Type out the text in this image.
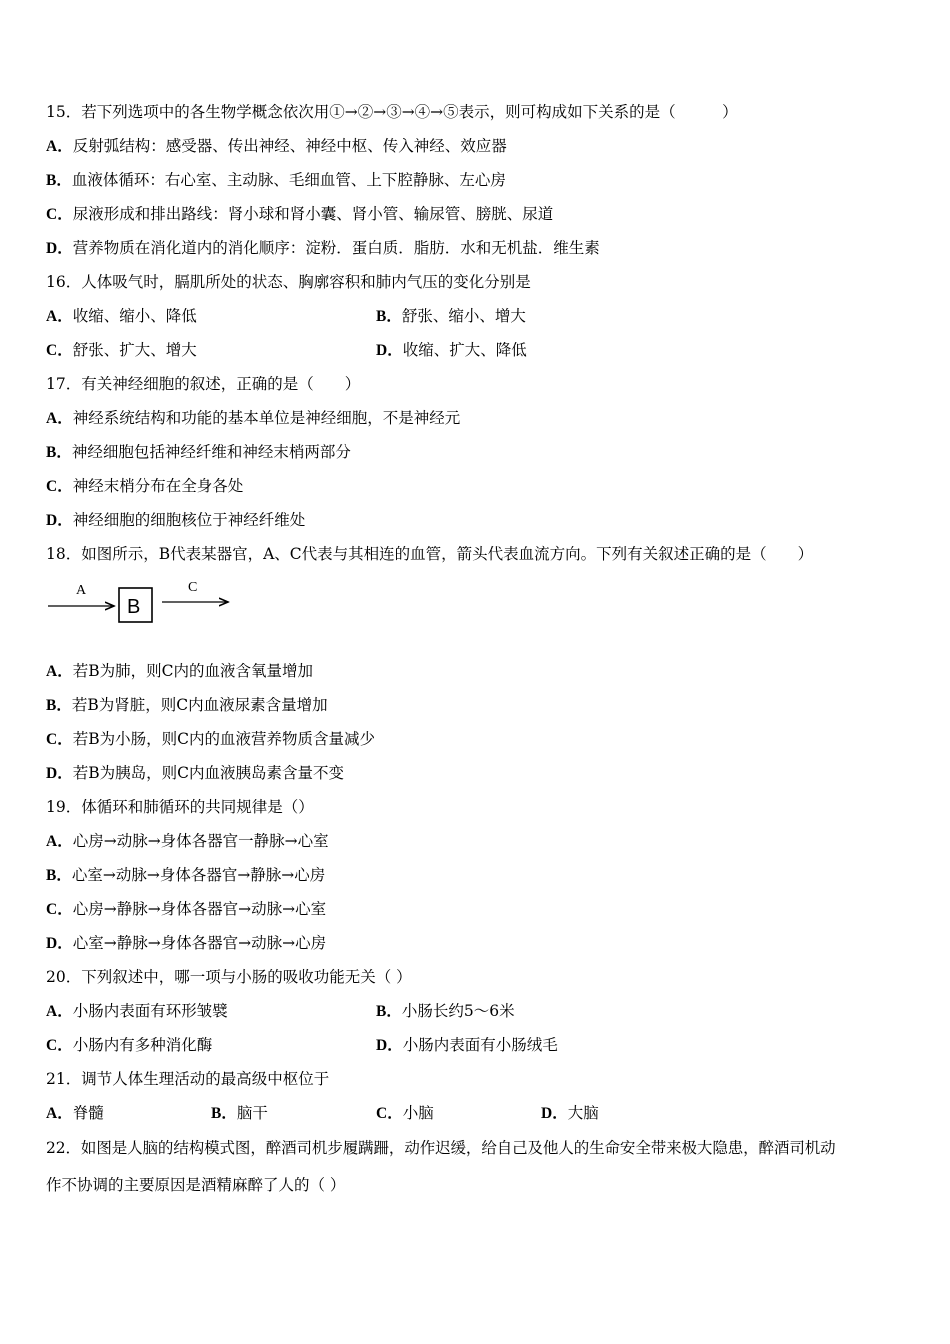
15．若下列选项中的各生物学概念依次用①→②→③→④→⑤表示，则可构成如下关系的是（　　　）
A．反射弧结构：感受器、传出神经、神经中枢、传入神经、效应器
B．血液体循环：右心室、主动脉、毛细血管、上下腔静脉、左心房
C．尿液形成和排出路线：肾小球和肾小囊、肾小管、输尿管、膀胱、尿道
D．营养物质在消化道内的消化顺序：淀粉．蛋白质．脂肪．水和无机盐．维生素
16．人体吸气时，膈肌所处的状态、胸廓容积和肺内气压的变化分别是
A．收缩、缩小、降低	B．舒张、缩小、增大
C．舒张、扩大、增大	D．收缩、扩大、降低
17．有关神经细胞的叙述，正确的是（　　）
A．神经系统结构和功能的基本单位是神经细胞，不是神经元
B．神经细胞包括神经纤维和神经末梢两部分
C．神经末梢分布在全身各处
D．神经细胞的细胞核位于神经纤维处
18．如图所示，B代表某器官，A、C代表与其相连的血管，箭头代表血流方向。下列有关叙述正确的是（　　）
A
B
C
A．若B为肺，则C内的血液含氧量增加
B．若B为肾脏，则C内血液尿素含量增加
C．若B为小肠，则C内的血液营养物质含量减少
D．若B为胰岛，则C内血液胰岛素含量不变
19．体循环和肺循环的共同规律是（）
A．心房→动脉→身体各器官一静脉→心室
B．心室→动脉→身体各器官→静脉→心房
C．心房→静脉→身体各器官→动脉→心室
D．心室→静脉→身体各器官→动脉→心房
20．下列叙述中，哪一项与小肠的吸收功能无关（ ）
A．小肠内表面有环形皱襞	B．小肠长约5～6米
C．小肠内有多种消化酶	D．小肠内表面有小肠绒毛
21．调节人体生理活动的最高级中枢位于
A．脊髓	B．脑干	C．小脑	D．大脑
22．如图是人脑的结构模式图，醉酒司机步履蹒跚，动作迟缓，给自己及他人的生命安全带来极大隐患，醉酒司机动
作不协调的主要原因是酒精麻醉了人的（ ）
